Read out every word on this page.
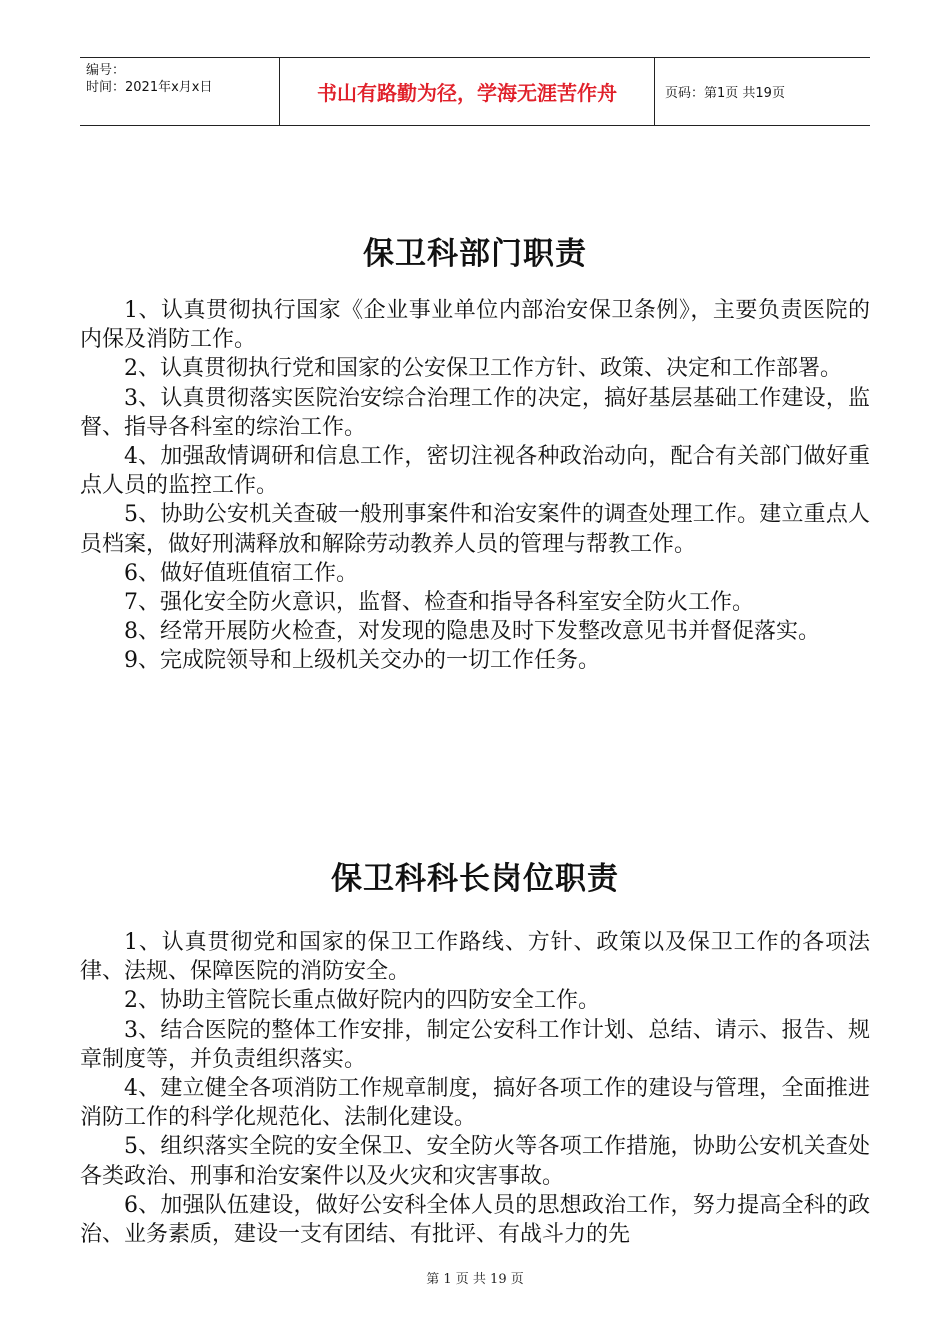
编号：
时间：2021年x月x日	书山有路勤为径，学海无涯苦作舟	页码：第1页 共19页
保卫科部门职责

1、认真贯彻执行国家《企业事业单位内部治安保卫条例》，主要负责医院的内保及消防工作。

2、认真贯彻执行党和国家的公安保卫工作方针、政策、决定和工作部署。

3、认真贯彻落实医院治安综合治理工作的决定，搞好基层基础工作建设，监督、指导各科室的综治工作。

4、加强敌情调研和信息工作，密切注视各种政治动向，配合有关部门做好重点人员的监控工作。

5、协助公安机关查破一般刑事案件和治安案件的调查处理工作。建立重点人员档案，做好刑满释放和解除劳动教养人员的管理与帮教工作。

6、做好值班值宿工作。

7、强化安全防火意识，监督、检查和指导各科室安全防火工作。

8、经常开展防火检查，对发现的隐患及时下发整改意见书并督促落实。

9、完成院领导和上级机关交办的一切工作任务。

保卫科科长岗位职责

1、认真贯彻党和国家的保卫工作路线、方针、政策以及保卫工作的各项法律、法规、保障医院的消防安全。

2、协助主管院长重点做好院内的四防安全工作。

3、结合医院的整体工作安排，制定公安科工作计划、总结、请示、报告、规章制度等，并负责组织落实。

4、建立健全各项消防工作规章制度，搞好各项工作的建设与管理，全面推进消防工作的科学化规范化、法制化建设。

5、组织落实全院的安全保卫、安全防火等各项工作措施，协助公安机关查处各类政治、刑事和治安案件以及火灾和灾害事故。

6、加强队伍建设，做好公安科全体人员的思想政治工作，努力提高全科的政治、业务素质，建设一支有团结、有批评、有战斗力的先

第 1 页 共 19 页
